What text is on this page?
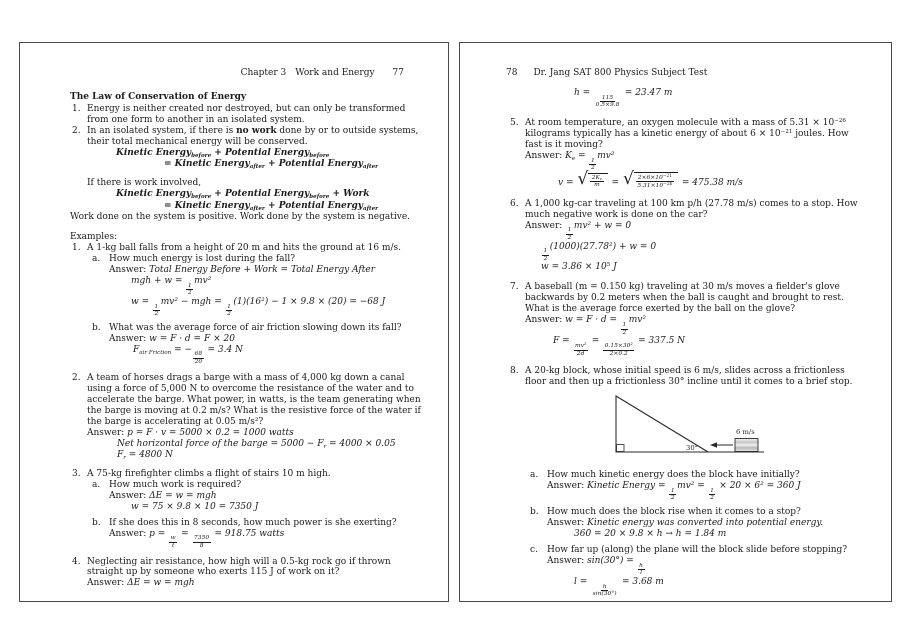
Chapter 3 Work and Energy 77
The Law of Conservation of Energy
1. Energy is neither created nor destroyed, but can only be transformed from one form to another in an isolated system.
2. In an isolated system, if there is no work done by or to outside systems, their total mechanical energy will be conserved.
Kinetic Energybefore + Potential Energybefore
= Kinetic Energyafter + Potential Energyafter
If there is work involved,
Kinetic Energybefore + Potential Energybefore + Work
= Kinetic Energyafter + Potential Energyafter
Work done on the system is positive. Work done by the system is negative.
Examples:
1. A 1-kg ball falls from a height of 20 m and hits the ground at 16 m/s.
a. How much energy is lost during the fall?
Answer: Total Energy Before + Work = Total Energy After
mgh + w =
$\frac{1}{2}$
mv²
w =
$\frac{1}{2}$
mv² − mgh =
$\frac{1}{2}$
(1)(16²) − 1 × 9.8 × (20) = −68 J
b. What was the average force of air friction slowing down its fall?
Answer: w = F · d = F × 20
Fair Friction = −
$\frac{68}{20}$
= 3.4 N
2. A team of horses drags a barge with a mass of 4,000 kg down a canal using a force of 5,000 N to overcome the resistance of the water and to accelerate the barge. What power, in watts, is the team generating when the barge is moving at 0.2 m/s? What is the resistive force of the water if the barge is accelerating at 0.05 m/s²?
Answer: p = F · v = 5000 × 0.2 = 1000 watts
Net horizontal force of the barge = 5000 − Fr = 4000 × 0.05
Fr = 4800 N
3. A 75-kg firefighter climbs a flight of stairs 10 m high.
a. How much work is required?
Answer: ΔE = w = mgh
w = 75 × 9.8 × 10 = 7350 J
b. If she does this in 8 seconds, how much power is she exerting?
Answer: p =
$\frac{w}{t}$
=
$\frac{7350}{8}$
= 918.75 watts
4. Neglecting air resistance, how high will a 0.5-kg rock go if thrown straight up by someone who exerts 115 J of work on it?
Answer: ΔE = w = mgh
78 Dr. Jang SAT 800 Physics Subject Test
h =
$\frac{115}{0.5\times 9.8}$
= 23.47 m
5. At room temperature, an oxygen molecule with a mass of $5.31 \times 10^{-26}$ kilograms typically has a kinetic energy of about $6 \times 10^{-21}$ joules. How fast is it moving?
Answer: Ke =
$\frac{1}{2}$
mv²
v = √ $\frac{2Ke}{m}$ = √ $\frac{2\times 6\times 10^{-21}}{5.31\times 10^{-26}} = 475.38$ m/s
6. A 1,000 kg-car traveling at 100 km p/h (27.78 m/s) comes to a stop. How much negative work is done on the car?
Answer:
$\frac{1}{2}$
mv² + w = 0
$\frac{1}{2}$
(1000)(27.78²) + w = 0
$w = 3.86 \times 10^5$ J
7. A baseball (m = 0.150 kg) traveling at 30 m/s moves a fielder's glove backwards by 0.2 meters when the ball is caught and brought to rest. What is the average force exerted by the ball on the glove?
Answer: w = F · d =
$\frac{1}{2}$
mv²
F =
$\frac{\text{mv²}}{2d}$
=
$\frac{\text{0.15×30²}}{2\times 0.2}$
= 337.5 N
8. A 20-kg block, whose initial speed is 6 m/s, slides across a frictionless floor and then up a frictionless 30° incline until it comes to a brief stop.
30°
6 m/s
a. How much kinetic energy does the block have initially?
Answer: Kinetic Energy =
$\frac{1}{2}$
mv² =
$\frac{1}{2}$
× 20 × 6² = 360 J
b. How much does the block rise when it comes to a stop?
Answer: Kinetic energy was converted into potential energy.
360 = 20 × 9.8 × h → h = 1.84 m
c. How far up (along) the plane will the block slide before stopping?
Answer: sin(30°) =
$\frac{h}{l}$
l =
$\frac{h}{\sin(30^\circ)}$
= 3.68 m
